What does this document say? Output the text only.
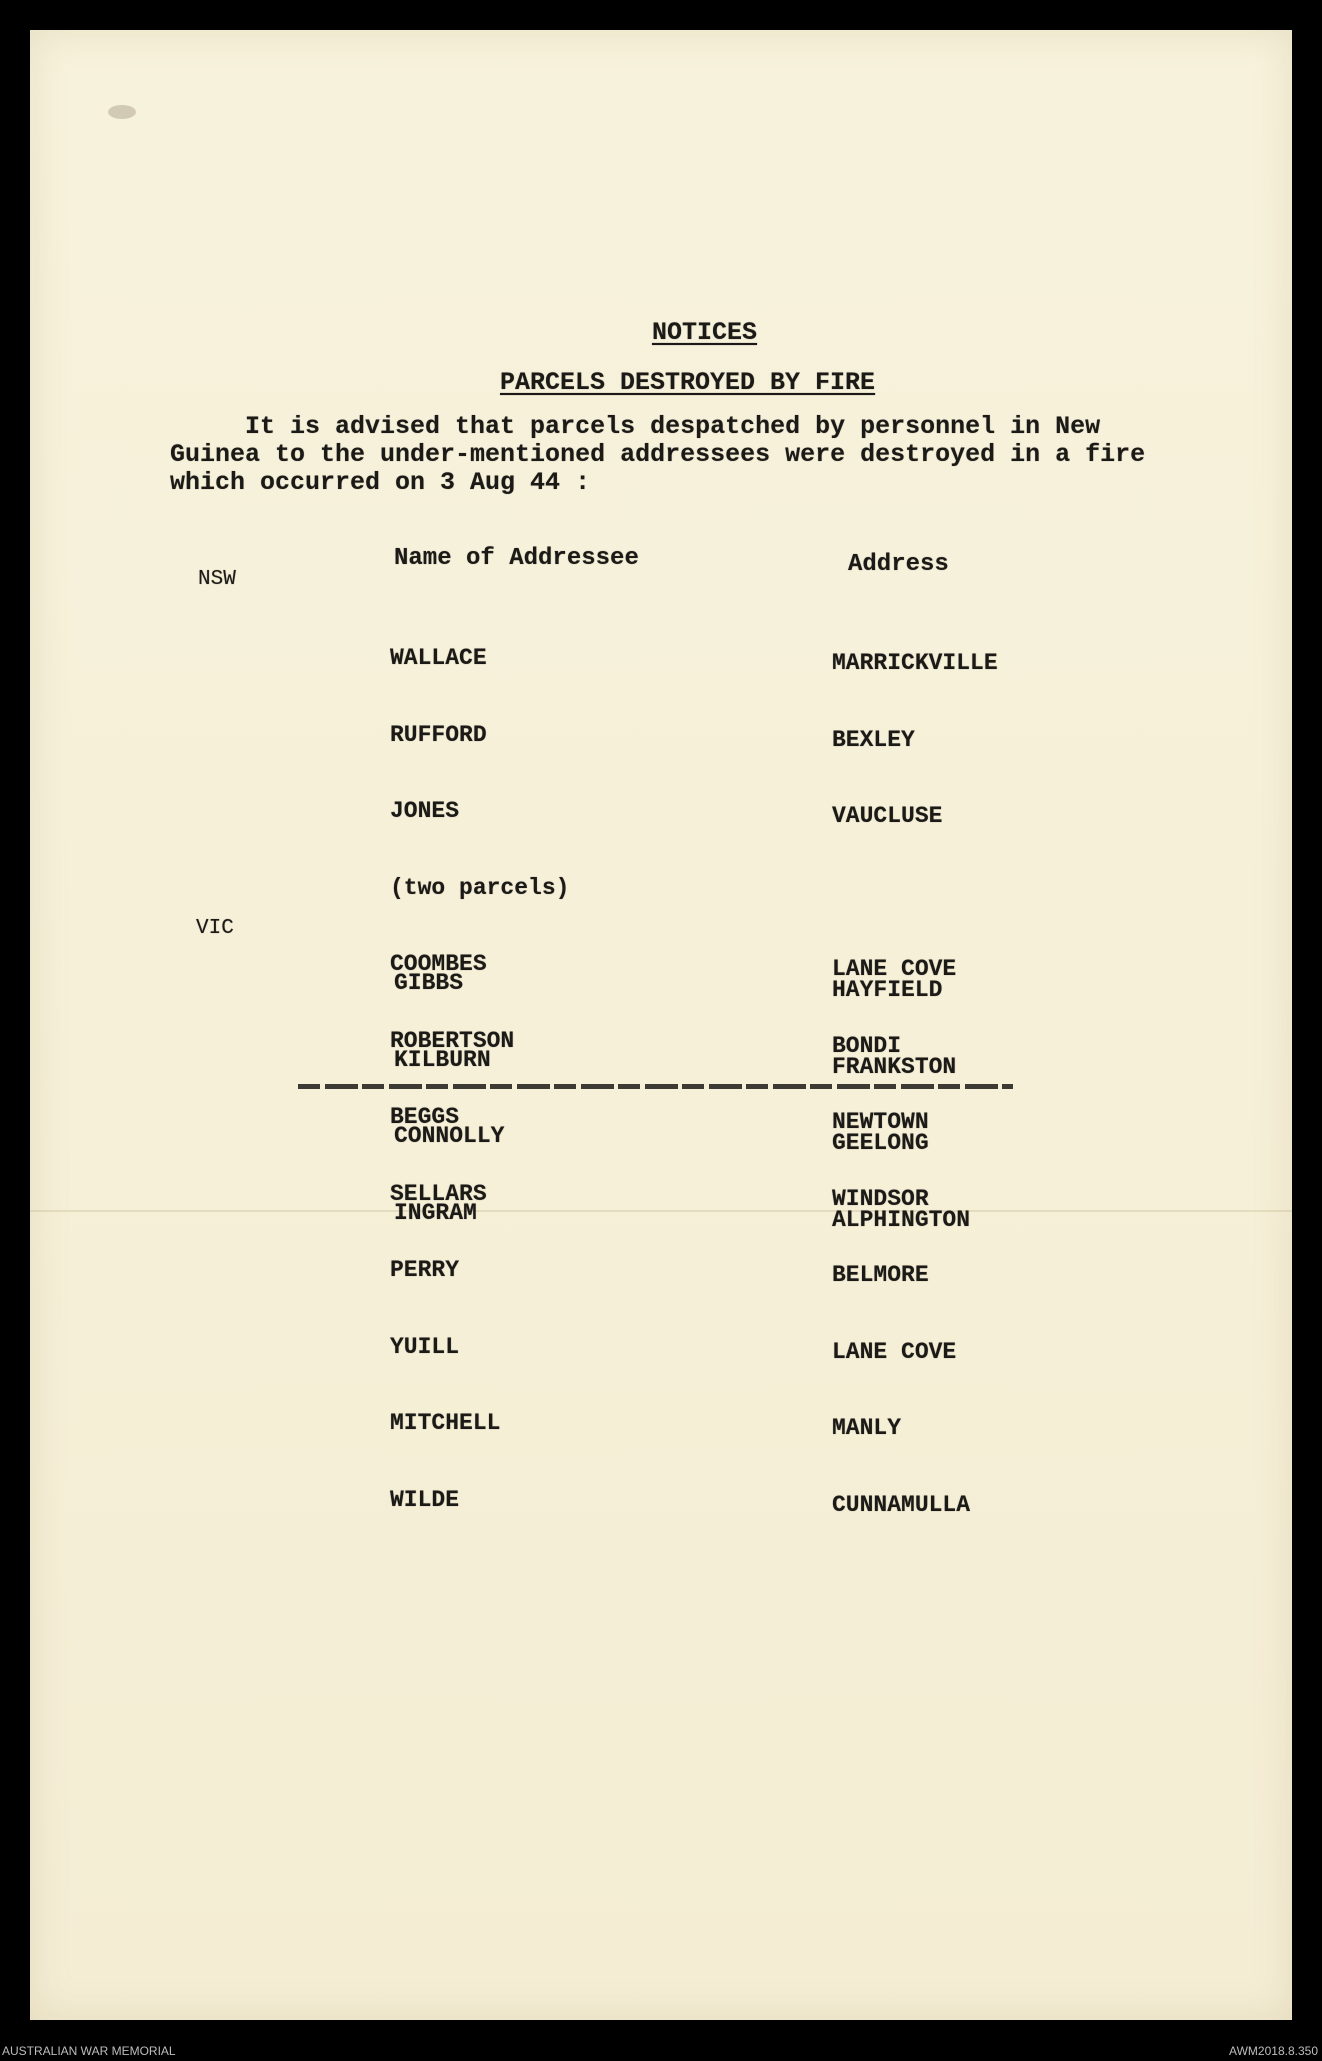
NOTICES
PARCELS DESTROYED BY FIRE
It is advised that parcels despatched by personnel in New
Guinea to the under-mentioned addressees were destroyed in a fire
which occurred on 3 Aug 44 :
Name of Addressee	Address
NSW

WALLACE

RUFFORD

JONES

(two parcels)

COOMBES

ROBERTSON

BEGGS

SELLARS

PERRY

YUILL

MITCHELL

WILDE

MARRICKVILLE

BEXLEY

VAUCLUSE

LANE COVE

BONDI

NEWTOWN

WINDSOR

BELMORE

LANE COVE

MANLY

CUNNAMULLA

VIC

GIBBS

KILBURN

CONNOLLY

INGRAM

HAYFIELD

FRANKSTON

GEELONG

ALPHINGTON

AUSTRALIAN WAR MEMORIAL	AWM2018.8.350
